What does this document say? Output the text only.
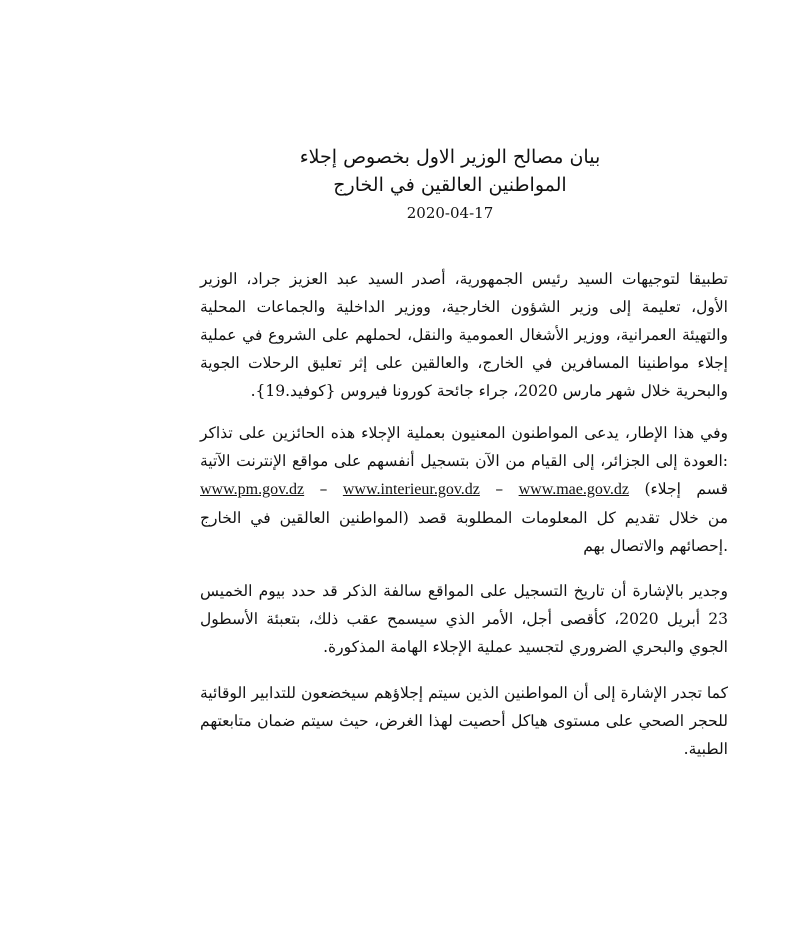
بيان مصالح الوزير الاول بخصوص إجلاء
المواطنين العالقين في الخارج
2020-04-17

تطبيقا لتوجيهات السيد رئيس الجمهورية، أصدر السيد عبد العزيز جراد، الوزير الأول، تعليمة إلى وزير الشؤون الخارجية، ووزير الداخلية والجماعات المحلية والتهيئة العمرانية، ووزير الأشغال العمومية والنقل، لحملهم على الشروع في عملية إجلاء مواطنينا المسافرين في الخارج، والعالقين على إثر تعليق الرحلات الجوية والبحرية خلال شهر مارس 2020، جراء جائحة كورونا فيروس {كوفيد.19}.

وفي هذا الإطار، يدعى المواطنون المعنيون بعملية الإجلاء هذه الحائزين على تذاكر العودة إلى الجزائر، إلى القيام من الآن بتسجيل أنفسهم على مواقع الإنترنت الآتية: www.pm.gov.dz – www.interieur.gov.dz – www.mae.gov.dz (قسم إجلاء المواطنين العالقين في الخارج) من خلال تقديم كل المعلومات المطلوبة قصد إحصائهم والاتصال بهم.

وجدير بالإشارة أن تاريخ التسجيل على المواقع سالفة الذكر قد حدد بيوم الخميس 23 أبريل 2020، كأقصى أجل، الأمر الذي سيسمح عقب ذلك، بتعبئة الأسطول الجوي والبحري الضروري لتجسيد عملية الإجلاء الهامة المذكورة.

كما تجدر الإشارة إلى أن المواطنين الذين سيتم إجلاؤهم سيخضعون للتدابير الوقائية للحجر الصحي على مستوى هياكل أحصيت لهذا الغرض، حيث سيتم ضمان متابعتهم الطبية.
